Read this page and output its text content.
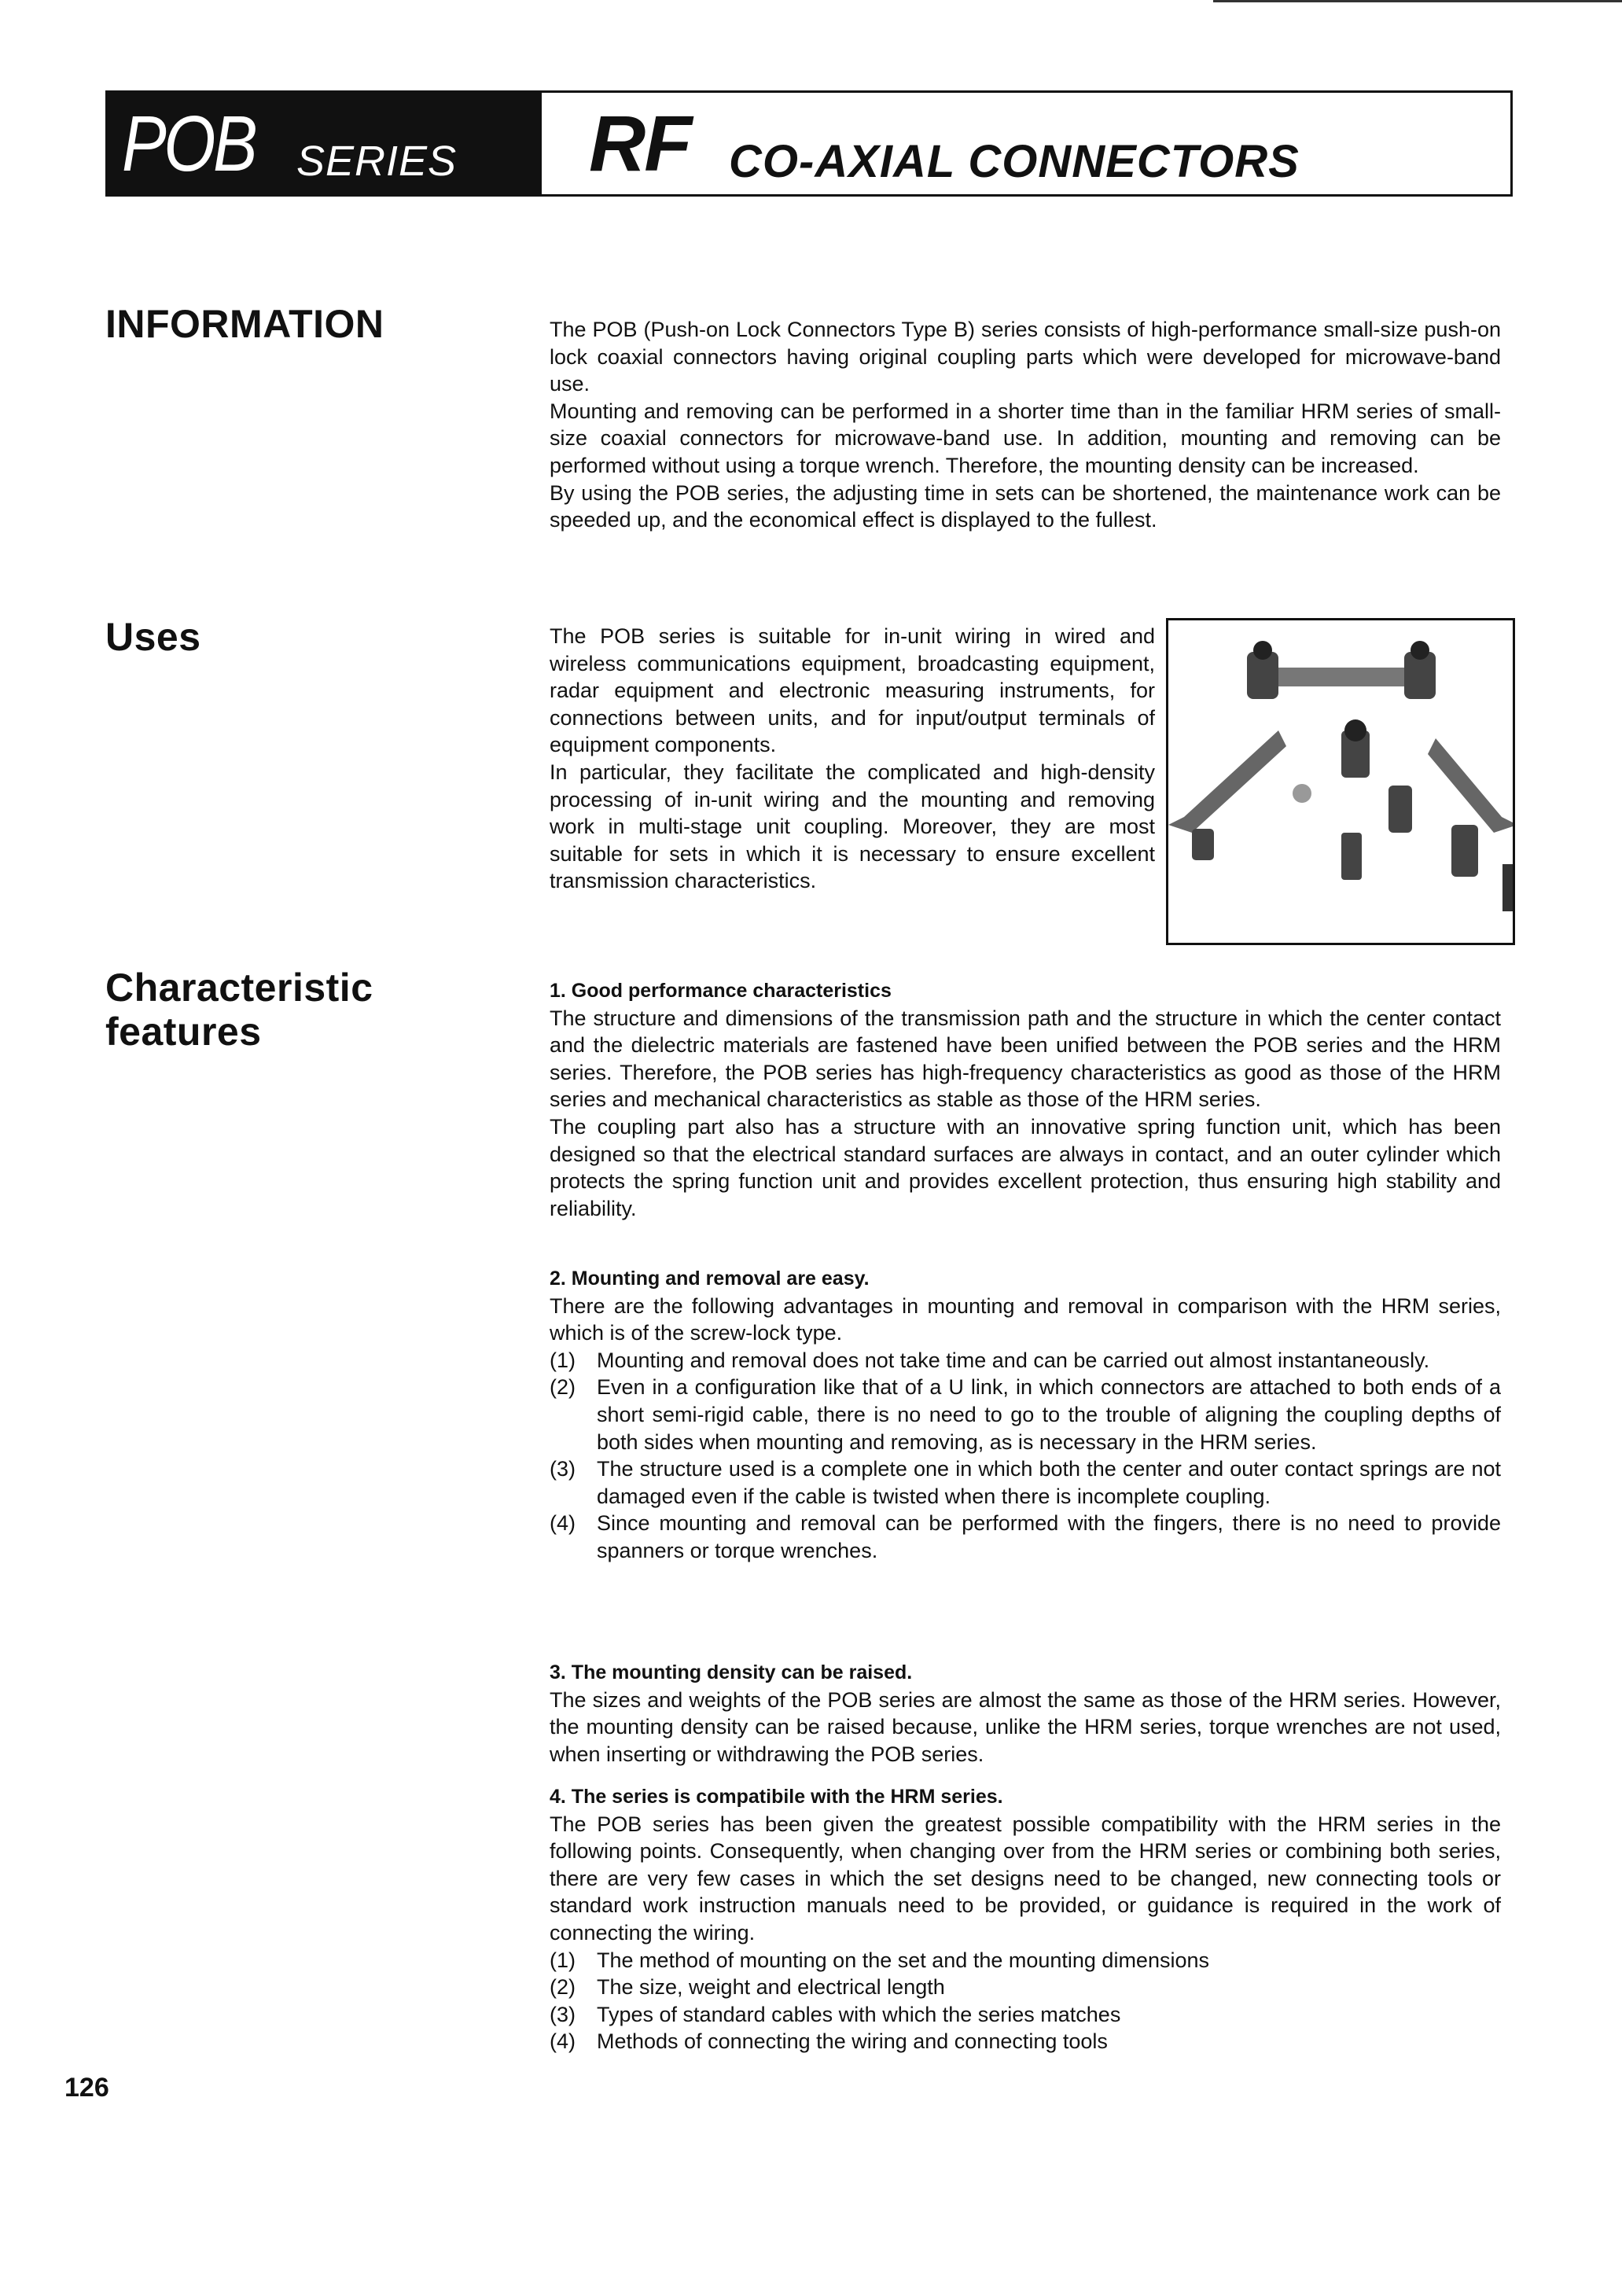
POB SERIES RF CO-AXIAL CONNECTORS
INFORMATION	The POB (Push-on Lock Connectors Type B) series consists of high-performance small-size push-on lock coaxial connectors having original coupling parts which were developed for microwave-band use.

Mounting and removing can be performed in a shorter time than in the familiar HRM series of small-size coaxial connectors for microwave-band use. In addition, mounting and removing can be performed without using a torque wrench. Therefore, the mounting density can be increased.

By using the POB series, the adjusting time in sets can be shortened, the maintenance work can be speeded up, and the economical effect is displayed to the fullest.

Uses	The POB series is suitable for in-unit wiring in wired and wireless communications equipment, broadcasting equipment, radar equipment and electronic measuring instruments, for connections between units, and for input/output terminals of equipment components.

In particular, they facilitate the complicated and high-density processing of in-unit wiring and the mounting and removing work in multi-stage unit coupling. Moreover, they are most suitable for sets in which it is necessary to ensure excellent transmission characteristics.

Characteristic
features

1. Good performance characteristics

The structure and dimensions of the transmission path and the structure in which the center contact and the dielectric materials are fastened have been unified between the POB series and the HRM series. Therefore, the POB series has high-frequency characteristics as good as those of the HRM series and mechanical characteristics as stable as those of the HRM series.

The coupling part also has a structure with an innovative spring function unit, which has been designed so that the electrical standard surfaces are always in contact, and an outer cylinder which protects the spring function unit and provides excellent protection, thus ensuring high stability and reliability.

2. Mounting and removal are easy.

There are the following advantages in mounting and removal in comparison with the HRM series, which is of the screw-lock type.

(1)	Mounting and removal does not take time and can be carried out almost instantaneously.
(2)	Even in a configuration like that of a U link, in which connectors are attached to both ends of a short semi-rigid cable, there is no need to go to the trouble of aligning the coupling depths of both sides when mounting and removing, as is necessary in the HRM series.
(3)	The structure used is a complete one in which both the center and outer contact springs are not damaged even if the cable is twisted when there is incomplete coupling.
(4)	Since mounting and removal can be performed with the fingers, there is no need to provide spanners or torque wrenches.

3. The mounting density can be raised.

The sizes and weights of the POB series are almost the same as those of the HRM series. However, the mounting density can be raised because, unlike the HRM series, torque wrenches are not used, when inserting or withdrawing the POB series.

4. The series is compatibile with the HRM series.

The POB series has been given the greatest possible compatibility with the HRM series in the following points. Consequently, when changing over from the HRM series or combining both series, there are very few cases in which the set designs need to be changed, new connecting tools or standard work instruction manuals need to be provided, or guidance is required in the work of connecting the wiring.

(1)	The method of mounting on the set and the mounting dimensions
(2)	The size, weight and electrical length
(3)	Types of standard cables with which the series matches
(4)	Methods of connecting the wiring and connecting tools
126
